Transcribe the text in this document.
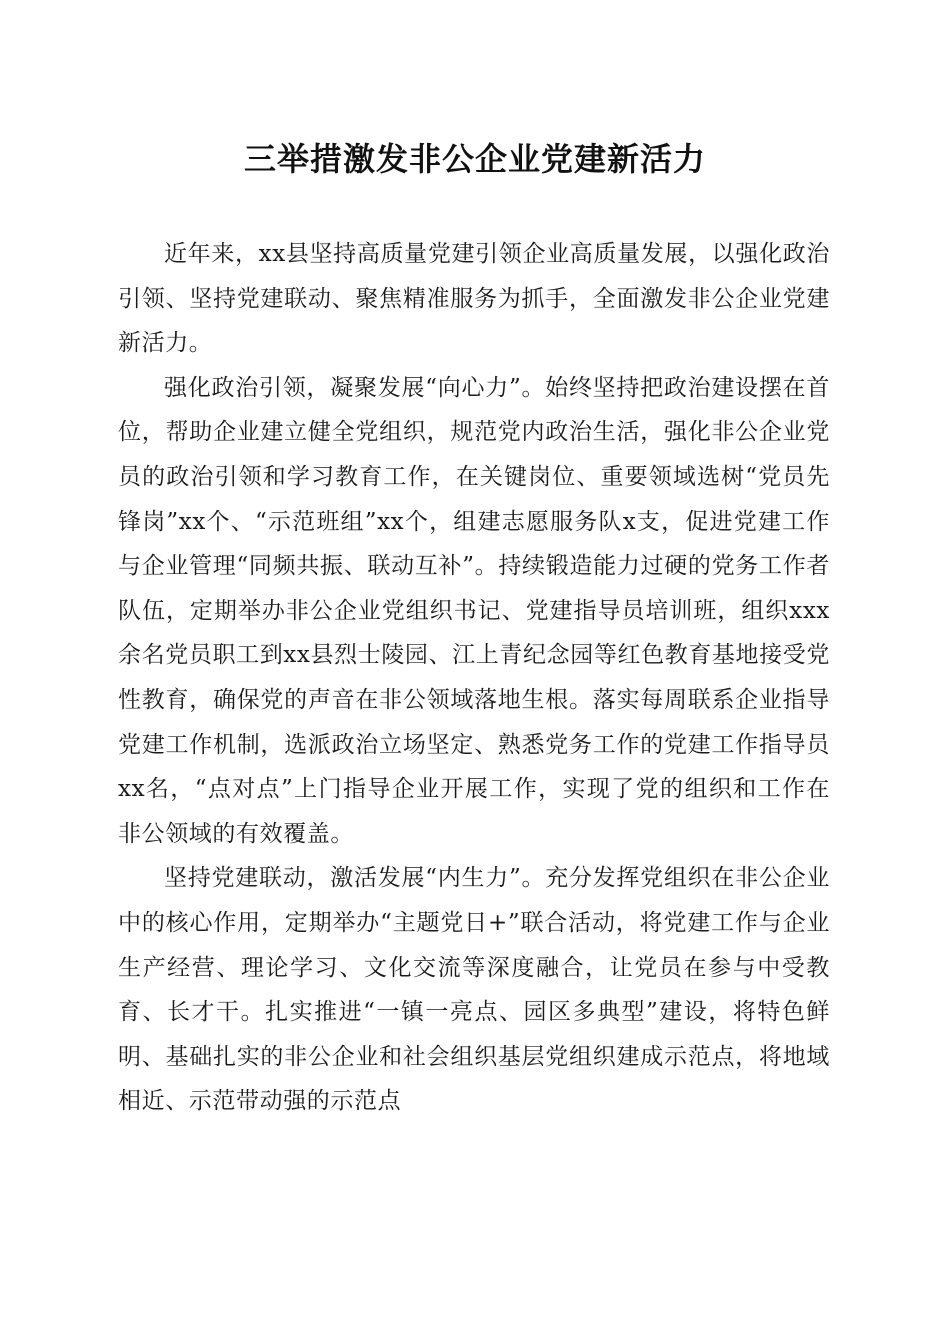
三举措激发非公企业党建新活力

近年来，xx县坚持高质量党建引领企业高质量发展，以强化政治引领、坚持党建联动、聚焦精准服务为抓手，全面激发非公企业党建新活力。

强化政治引领，凝聚发展“向心力”。始终坚持把政治建设摆在首位，帮助企业建立健全党组织，规范党内政治生活，强化非公企业党员的政治引领和学习教育工作，在关键岗位、重要领域选树“党员先锋岗”xx个、“示范班组”xx个，组建志愿服务队x支，促进党建工作与企业管理“同频共振、联动互补”。持续锻造能力过硬的党务工作者队伍，定期举办非公企业党组织书记、党建指导员培训班，组织xxx余名党员职工到xx县烈士陵园、江上青纪念园等红色教育基地接受党性教育，确保党的声音在非公领域落地生根。落实每周联系企业指导党建工作机制，选派政治立场坚定、熟悉党务工作的党建工作指导员xx名，“点对点”上门指导企业开展工作，实现了党的组织和工作在非公领域的有效覆盖。

坚持党建联动，激活发展“内生力”。充分发挥党组织在非公企业中的核心作用，定期举办“主题党日+”联合活动，将党建工作与企业生产经营、理论学习、文化交流等深度融合，让党员在参与中受教育、长才干。扎实推进“一镇一亮点、园区多典型”建设，将特色鲜明、基础扎实的非公企业和社会组织基层党组织建成示范点，将地域相近、示范带动强的示范点
